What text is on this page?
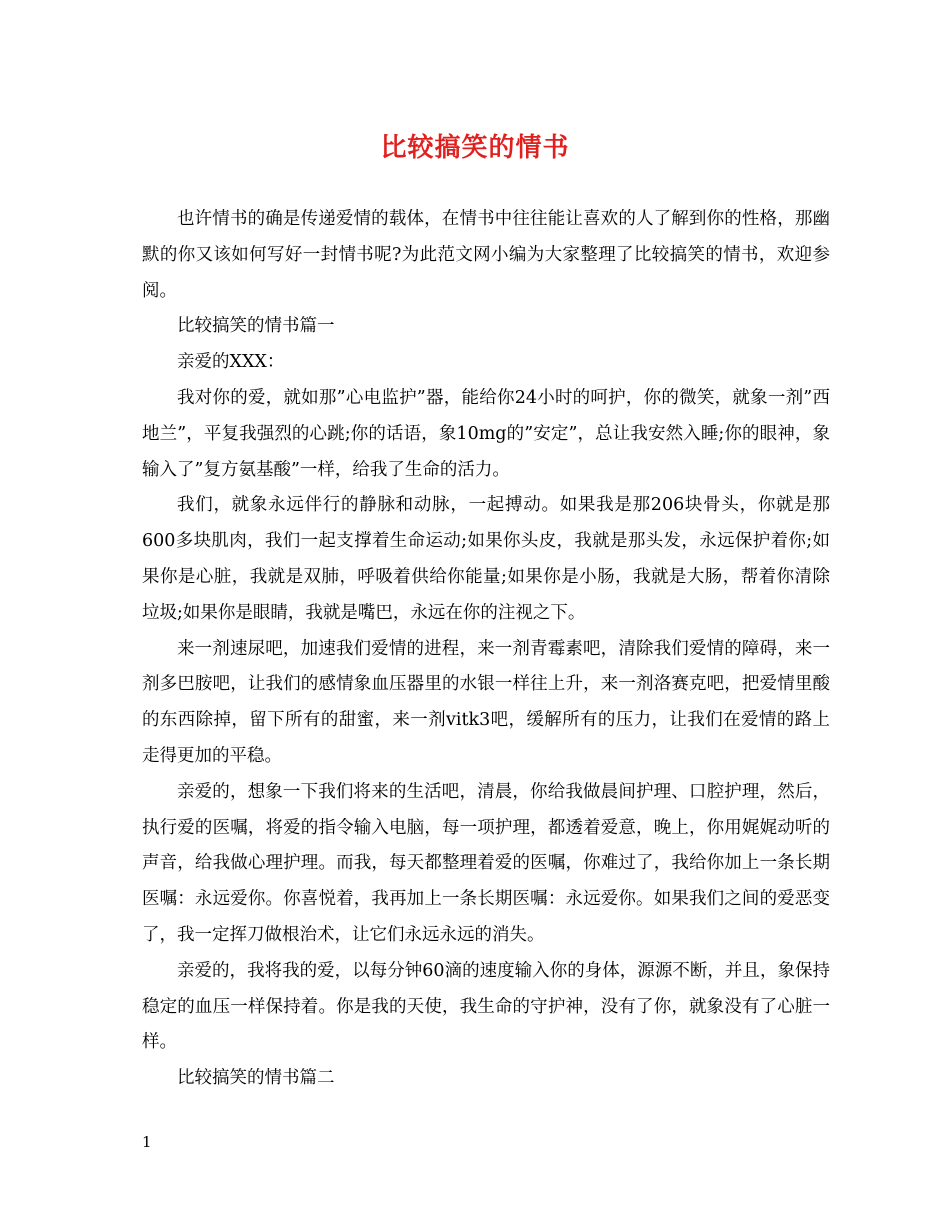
比较搞笑的情书

也许情书的确是传递爱情的载体，在情书中往往能让喜欢的人了解到你的性格，那幽默的你又该如何写好一封情书呢?为此范文网小编为大家整理了比较搞笑的情书，欢迎参阅。

比较搞笑的情书篇一

亲爱的XXX：

我对你的爱，就如那”心电监护”器，能给你24小时的呵护，你的微笑，就象一剂”西地兰”，平复我强烈的心跳;你的话语，象10mg的”安定”，总让我安然入睡;你的眼神，象输入了”复方氨基酸”一样，给我了生命的活力。

我们，就象永远伴行的静脉和动脉，一起搏动。如果我是那206块骨头，你就是那600多块肌肉，我们一起支撑着生命运动;如果你头皮，我就是那头发，永远保护着你;如果你是心脏，我就是双肺，呼吸着供给你能量;如果你是小肠，我就是大肠，帮着你清除垃圾;如果你是眼睛，我就是嘴巴，永远在你的注视之下。

来一剂速尿吧，加速我们爱情的进程，来一剂青霉素吧，清除我们爱情的障碍，来一剂多巴胺吧，让我们的感情象血压器里的水银一样往上升，来一剂洛赛克吧，把爱情里酸的东西除掉，留下所有的甜蜜，来一剂vitk3吧，缓解所有的压力，让我们在爱情的路上走得更加的平稳。

亲爱的，想象一下我们将来的生活吧，清晨，你给我做晨间护理、口腔护理，然后，执行爱的医嘱，将爱的指令输入电脑，每一项护理，都透着爱意，晚上，你用娓娓动听的声音，给我做心理护理。而我，每天都整理着爱的医嘱，你难过了，我给你加上一条长期医嘱：永远爱你。你喜悦着，我再加上一条长期医嘱：永远爱你。如果我们之间的爱恶变了，我一定挥刀做根治术，让它们永远永远的消失。

亲爱的，我将我的爱，以每分钟60滴的速度输入你的身体，源源不断，并且，象保持稳定的血压一样保持着。你是我的天使，我生命的守护神，没有了你，就象没有了心脏一样。

比较搞笑的情书篇二

1
